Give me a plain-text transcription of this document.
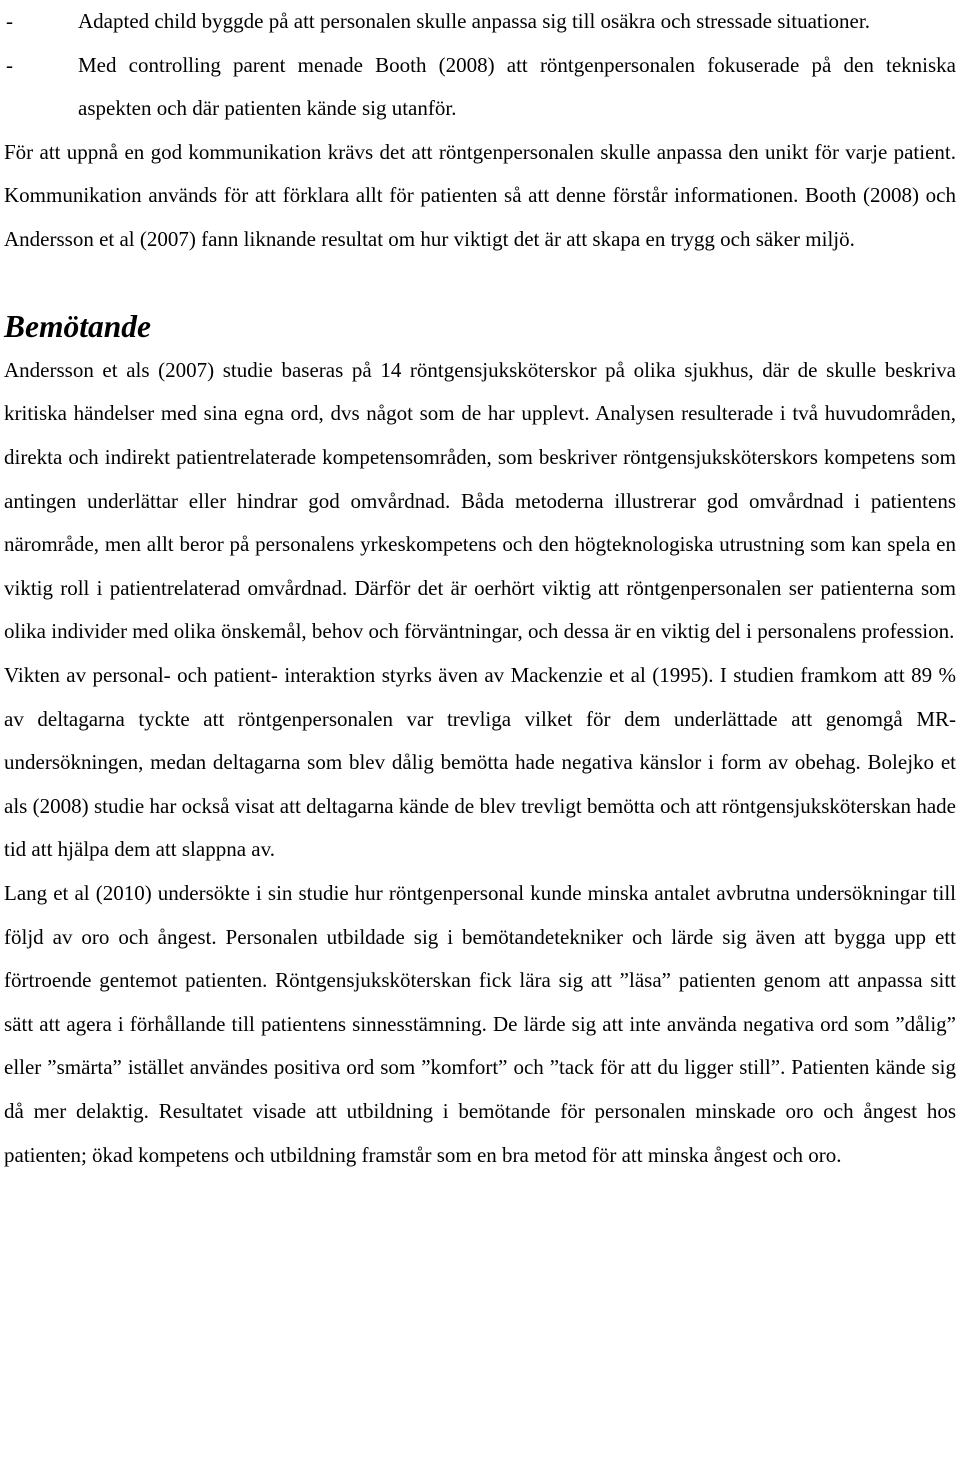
-	Adapted child byggde på att personalen skulle anpassa sig till osäkra och stressade situationer.
-	Med controlling parent menade Booth (2008) att röntgenpersonalen fokuserade på den tekniska aspekten och där patienten kände sig utanför.

För att uppnå en god kommunikation krävs det att röntgenpersonalen skulle anpassa den unikt för varje patient. Kommunikation används för att förklara allt för patienten så att denne förstår informationen. Booth (2008) och Andersson et al (2007) fann liknande resultat om hur viktigt det är att skapa en trygg och säker miljö.

Bemötande

Andersson et als (2007) studie baseras på 14 röntgensjuksköterskor på olika sjukhus, där de skulle beskriva kritiska händelser med sina egna ord, dvs något som de har upplevt. Analysen resulterade i två huvudområden, direkta och indirekt patientrelaterade kompetensområden, som beskriver röntgensjuksköterskors kompetens som antingen underlättar eller hindrar god omvårdnad. Båda metoderna illustrerar god omvårdnad i patientens närområde, men allt beror på personalens yrkeskompetens och den högteknologiska utrustning som kan spela en viktig roll i patientrelaterad omvårdnad. Därför det är oerhört viktig att röntgenpersonalen ser patienterna som olika individer med olika önskemål, behov och förväntningar, och dessa är en viktig del i personalens profession.

Vikten av personal- och patient- interaktion styrks även av Mackenzie et al (1995). I studien framkom att 89 % av deltagarna tyckte att röntgenpersonalen var trevliga vilket för dem underlättade att genomgå MR-undersökningen, medan deltagarna som blev dålig bemötta hade negativa känslor i form av obehag. Bolejko et als (2008) studie har också visat att deltagarna kände de blev trevligt bemötta och att röntgensjuksköterskan hade tid att hjälpa dem att slappna av.

Lang et al (2010) undersökte i sin studie hur röntgenpersonal kunde minska antalet avbrutna undersökningar till följd av oro och ångest. Personalen utbildade sig i bemötandetekniker och lärde sig även att bygga upp ett förtroende gentemot patienten. Röntgensjuksköterskan fick lära sig att ”läsa” patienten genom att anpassa sitt sätt att agera i förhållande till patientens sinnesstämning. De lärde sig att inte använda negativa ord som ”dålig” eller ”smärta” istället användes positiva ord som ”komfort” och ”tack för att du ligger still”. Patienten kände sig då mer delaktig. Resultatet visade att utbildning i bemötande för personalen minskade oro och ångest hos patienten; ökad kompetens och utbildning framstår som en bra metod för att minska ångest och oro.
